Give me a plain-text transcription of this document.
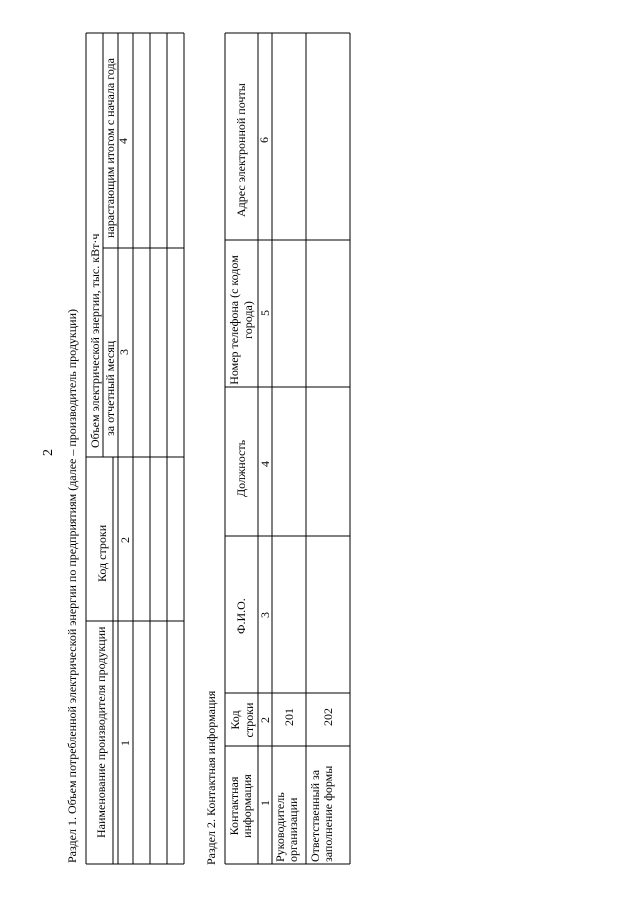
2 Раздел 1. Объем потребленной электрической энергии по предприятиям (далее – производитель продукции) Наименование производителя продукции
Код строки
Объем электрической энергии, тыс. кВт·ч за отчетный месяц
нарастающим итогом с начала года
1
2
3
4
Раздел 2. Контактная информация Контактная информация
Код строки
Ф.И.О.
Должность
Номер телефона (с кодом города)
Адрес электронной почты
1
2
3
4
5
6
Руководитель организации
201
Ответственный за заполнение формы
202
